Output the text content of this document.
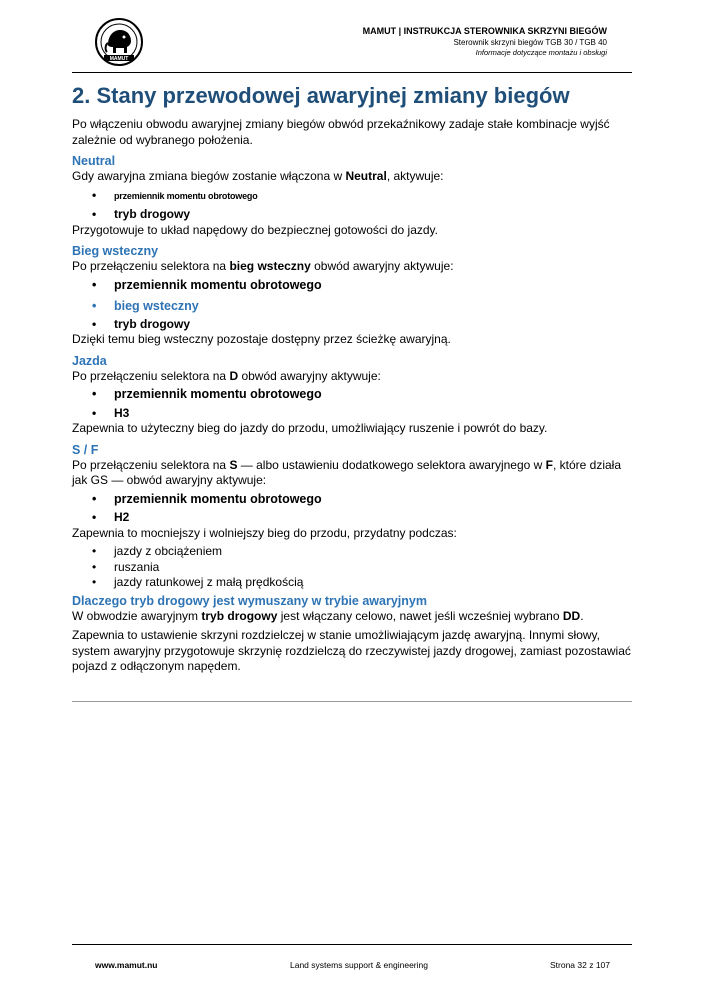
MAMUT
MAMUT | INSTRUKCJA STEROWNIKA SKRZYNI BIEGÓW
Sterownik skrzyni biegów TGB 30 / TGB 40
Informacje dotyczące montażu i obsługi
2. Stany przewodowej awaryjnej zmiany biegów

Po włączeniu obwodu awaryjnej zmiany biegów obwód przekaźnikowy zadaje stałe kombinacje wyjść zależnie od wybranego położenia.

Neutral

Gdy awaryjna zmiana biegów zostanie włączona w Neutral, aktywuje:

• przemiennik momentu obrotowego
• tryb drogowy

Przygotowuje to układ napędowy do bezpiecznej gotowości do jazdy.

Bieg wsteczny

Po przełączeniu selektora na bieg wsteczny obwód awaryjny aktywuje:

• przemiennik momentu obrotowego
• bieg wsteczny
• tryb drogowy

Dzięki temu bieg wsteczny pozostaje dostępny przez ścieżkę awaryjną.

Jazda

Po przełączeniu selektora na D obwód awaryjny aktywuje:

• przemiennik momentu obrotowego
• H3

Zapewnia to użyteczny bieg do jazdy do przodu, umożliwiający ruszenie i powrót do bazy.

S / F

Po przełączeniu selektora na S — albo ustawieniu dodatkowego selektora awaryjnego w F, które działa jak GS — obwód awaryjny aktywuje:

• przemiennik momentu obrotowego
• H2

Zapewnia to mocniejszy i wolniejszy bieg do przodu, przydatny podczas:

• jazdy z obciążeniem
• ruszania
• jazdy ratunkowej z małą prędkością
Dlaczego tryb drogowy jest wymuszany w trybie awaryjnym

W obwodzie awaryjnym tryb drogowy jest włączany celowo, nawet jeśli wcześniej wybrano DD.

Zapewnia to ustawienie skrzyni rozdzielczej w stanie umożliwiającym jazdę awaryjną. Innymi słowy, system awaryjny przygotowuje skrzynię rozdzielczą do rzeczywistej jazdy drogowej, zamiast pozostawiać pojazd z odłączonym napędem.

www.mamut.nu	Land systems support & engineering	Strona 32 z 107
